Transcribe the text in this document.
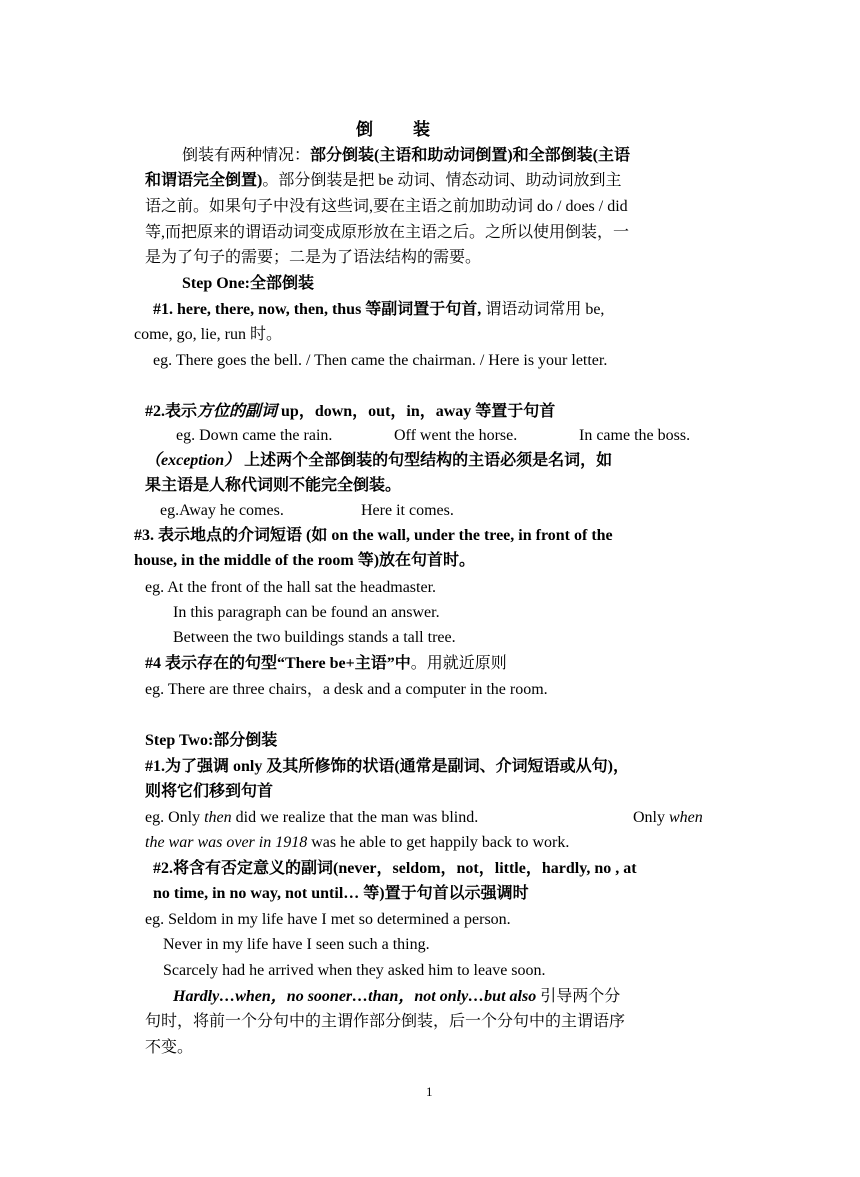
倒 装
倒装有两种情况：部分倒装(主语和助动词倒置)和全部倒装(主语
和谓语完全倒置)。部分倒装是把 be 动词、情态动词、助动词放到主
语之前。如果句子中没有这些词,要在主语之前加助动词 do / does / did
等,而把原来的谓语动词变成原形放在主语之后。之所以使用倒装，一
是为了句子的需要；二是为了语法结构的需要。
Step One:全部倒装
#1. here, there, now, then, thus 等副词置于句首, 谓语动词常用 be,
come, go, lie, run 时。
eg. There goes the bell. / Then came the chairman. / Here is your letter.
#2.表示方位的副词 up，down，out，in，away 等置于句首
eg. Down came the rain.	Off went the horse.	In came the boss.
（exception） 上述两个全部倒装的句型结构的主语必须是名词，如
果主语是人称代词则不能完全倒装。
eg.Away he comes.	Here it comes.
#3. 表示地点的介词短语 (如 on the wall, under the tree, in front of the
house, in the middle of the room 等)放在句首时。
eg. At the front of the hall sat the headmaster.
In this paragraph can be found an answer.
Between the two buildings stands a tall tree.
#4 表示存在的句型“There be+主语”中。用就近原则
eg. There are three chairs，a desk and a computer in the room.
Step Two:部分倒装
#1.为了强调 only 及其所修饰的状语(通常是副词、介词短语或从句)，
则将它们移到句首
eg. Only then did we realize that the man was blind.	Only when
the war was over in 1918 was he able to get happily back to work.
#2.将含有否定意义的副词(never，seldom，not，little，hardly, no , at
no time, in no way, not until… 等)置于句首以示强调时
eg. Seldom in my life have I met so determined a person.
Never in my life have I seen such a thing.
Scarcely had he arrived when they asked him to leave soon.
Hardly…when，no sooner…than，not only…but also 引导两个分
句时，将前一个分句中的主谓作部分倒装，后一个分句中的主谓语序
不变。
1
